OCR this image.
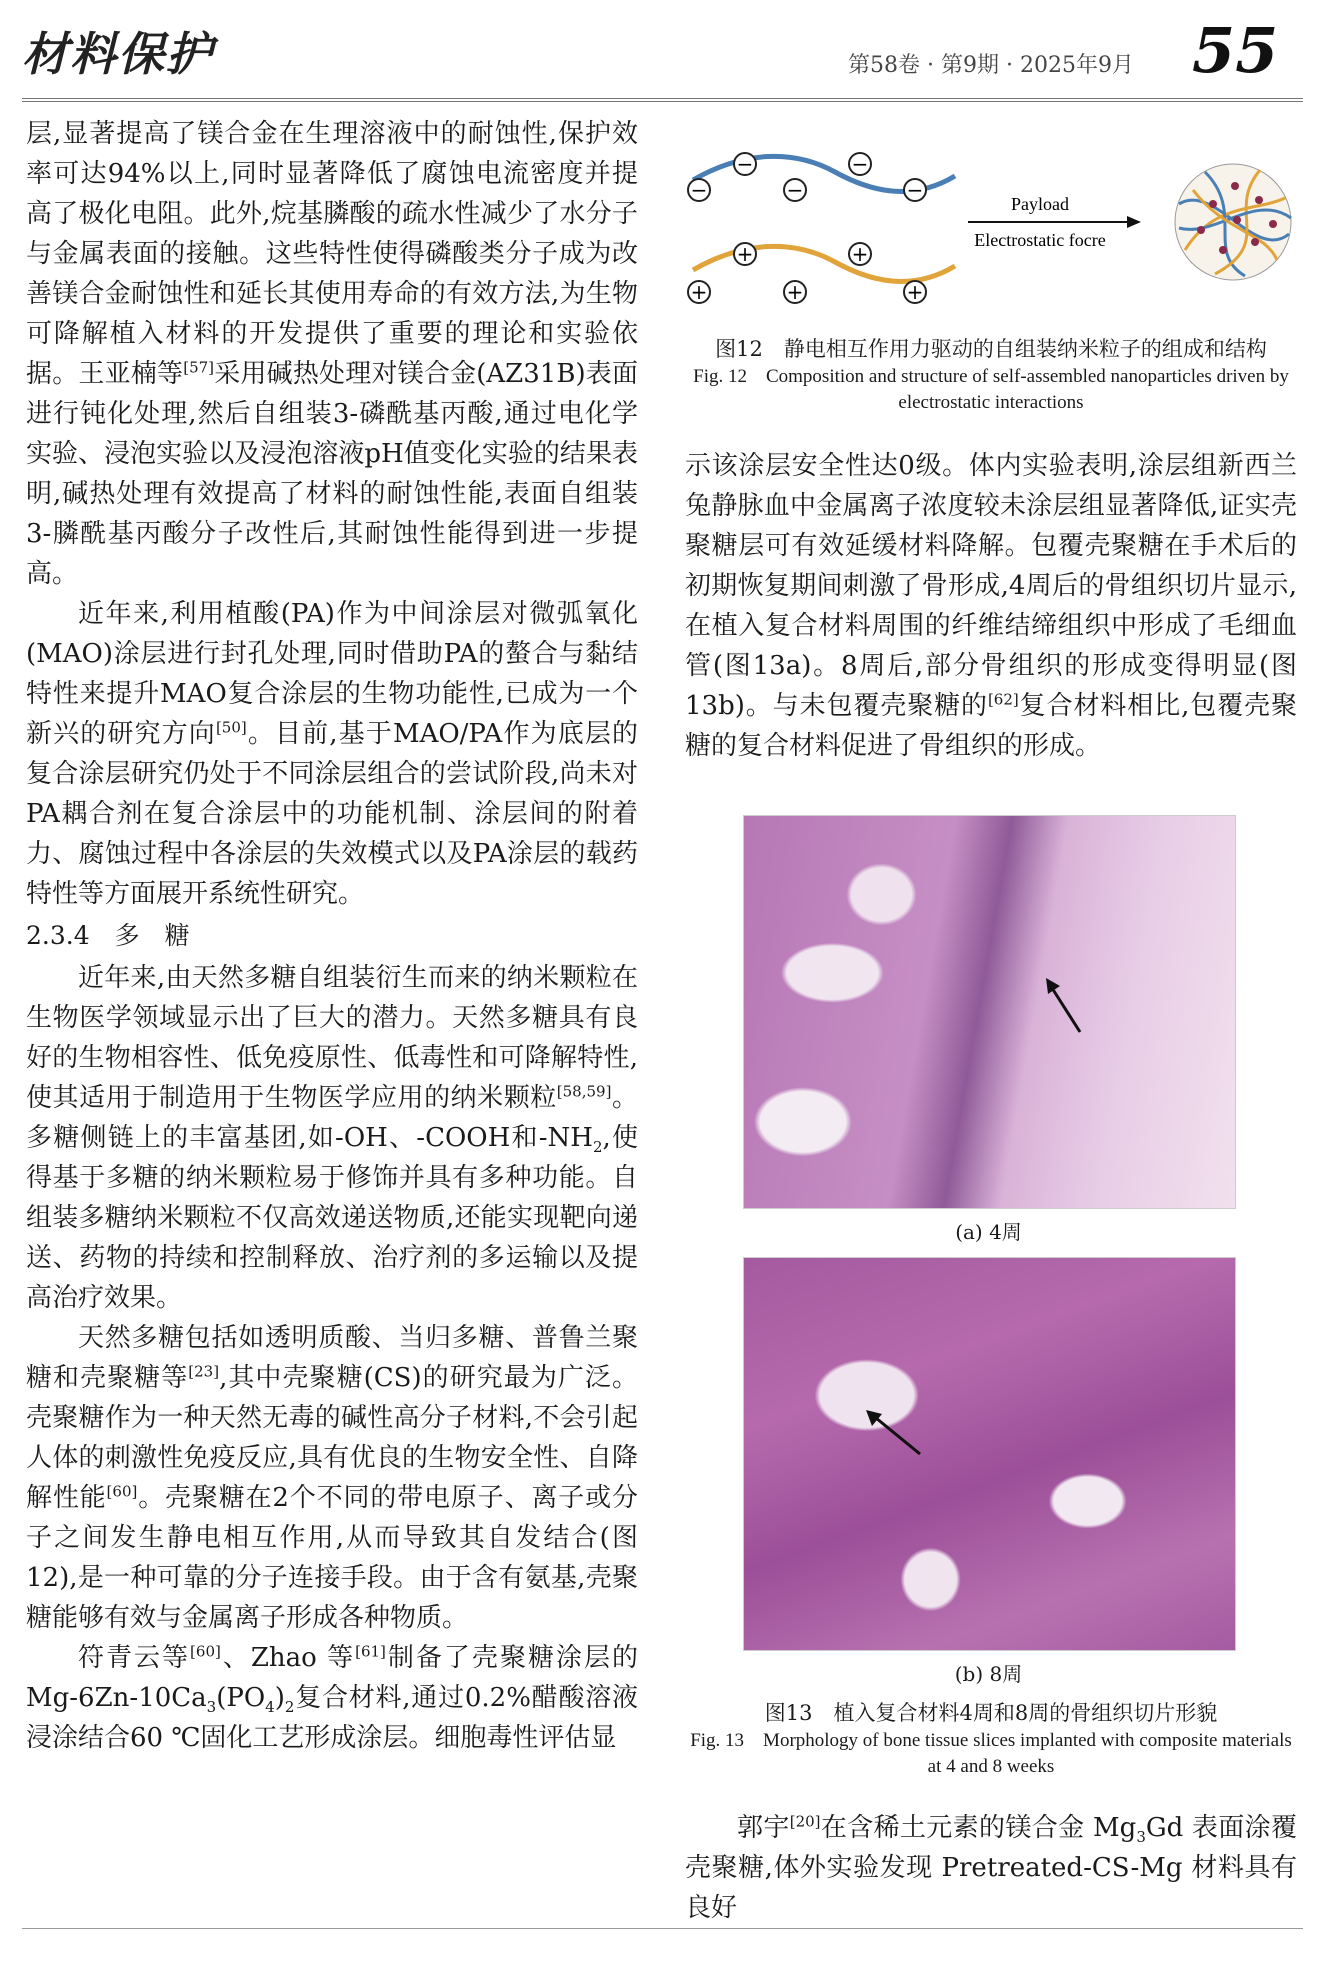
材料保护	第58卷 · 第9期 · 2025年9月 55

层,显著提高了镁合金在生理溶液中的耐蚀性,保护效率可达94%以上,同时显著降低了腐蚀电流密度并提高了极化电阻。此外,烷基膦酸的疏水性减少了水分子与金属表面的接触。这些特性使得磷酸类分子成为改善镁合金耐蚀性和延长其使用寿命的有效方法,为生物可降解植入材料的开发提供了重要的理论和实验依据。王亚楠等[57]采用碱热处理对镁合金(AZ31B)表面进行钝化处理,然后自组装3-磷酰基丙酸,通过电化学实验、浸泡实验以及浸泡溶液pH值变化实验的结果表明,碱热处理有效提高了材料的耐蚀性能,表面自组装3-膦酰基丙酸分子改性后,其耐蚀性能得到进一步提高。

近年来,利用植酸(PA)作为中间涂层对微弧氧化(MAO)涂层进行封孔处理,同时借助PA的螯合与黏结特性来提升MAO复合涂层的生物功能性,已成为一个新兴的研究方向[50]。目前,基于MAO/PA作为底层的复合涂层研究仍处于不同涂层组合的尝试阶段,尚未对PA耦合剂在复合涂层中的功能机制、涂层间的附着力、腐蚀过程中各涂层的失效模式以及PA涂层的载药特性等方面展开系统性研究。

2.3.4　多　糖

近年来,由天然多糖自组装衍生而来的纳米颗粒在生物医学领域显示出了巨大的潜力。天然多糖具有良好的生物相容性、低免疫原性、低毒性和可降解特性,使其适用于制造用于生物医学应用的纳米颗粒[58,59]。多糖侧链上的丰富基团,如-OH、-COOH和$-NH_2$,使得基于多糖的纳米颗粒易于修饰并具有多种功能。自组装多糖纳米颗粒不仅高效递送物质,还能实现靶向递送、药物的持续和控制释放、治疗剂的多运输以及提高治疗效果。

天然多糖包括如透明质酸、当归多糖、普鲁兰聚糖和壳聚糖等[23],其中壳聚糖(CS)的研究最为广泛。壳聚糖作为一种天然无毒的碱性高分子材料,不会引起人体的刺激性免疫反应,具有优良的生物安全性、自降解性能[60]。壳聚糖在2个不同的带电原子、离子或分子之间发生静电相互作用,从而导致其自发结合(图12),是一种可靠的分子连接手段。由于含有氨基,壳聚糖能够有效与金属离子形成各种物质。

符青云等[60]、Zhao 等[61]制备了壳聚糖涂层的$Mg-6Zn-10Ca_3(PO_4)_2$复合材料,通过0.2%醋酸溶液浸涂结合60 ℃固化工艺形成涂层。细胞毒性评估显

−
−	−
−
−
+
+	+
+
+
Payload
Electrostatic focre
图12　静电相互作用力驱动的自组装纳米粒子的组成和结构
Fig. 12　Composition and structure of self-assembled nanoparticles driven by electrostatic interactions

示该涂层安全性达0级。体内实验表明,涂层组新西兰兔静脉血中金属离子浓度较未涂层组显著降低,证实壳聚糖层可有效延缓材料降解。包覆壳聚糖在手术后的初期恢复期间刺激了骨形成,4周后的骨组织切片显示,在植入复合材料周围的纤维结缔组织中形成了毛细血管(图13a)。8周后,部分骨组织的形成变得明显(图13b)。与未包覆壳聚糖的[62]复合材料相比,包覆壳聚糖的复合材料促进了骨组织的形成。

(a) 4周
(b) 8周
图13　植入复合材料4周和8周的骨组织切片形貌
Fig. 13　Morphology of bone tissue slices implanted with composite materials at 4 and 8 weeks

郭宇[20]在含稀土元素的镁合金 $Mg_3Gd$ 表面涂覆壳聚糖,体外实验发现 Pretreated-CS-Mg 材料具有良好
